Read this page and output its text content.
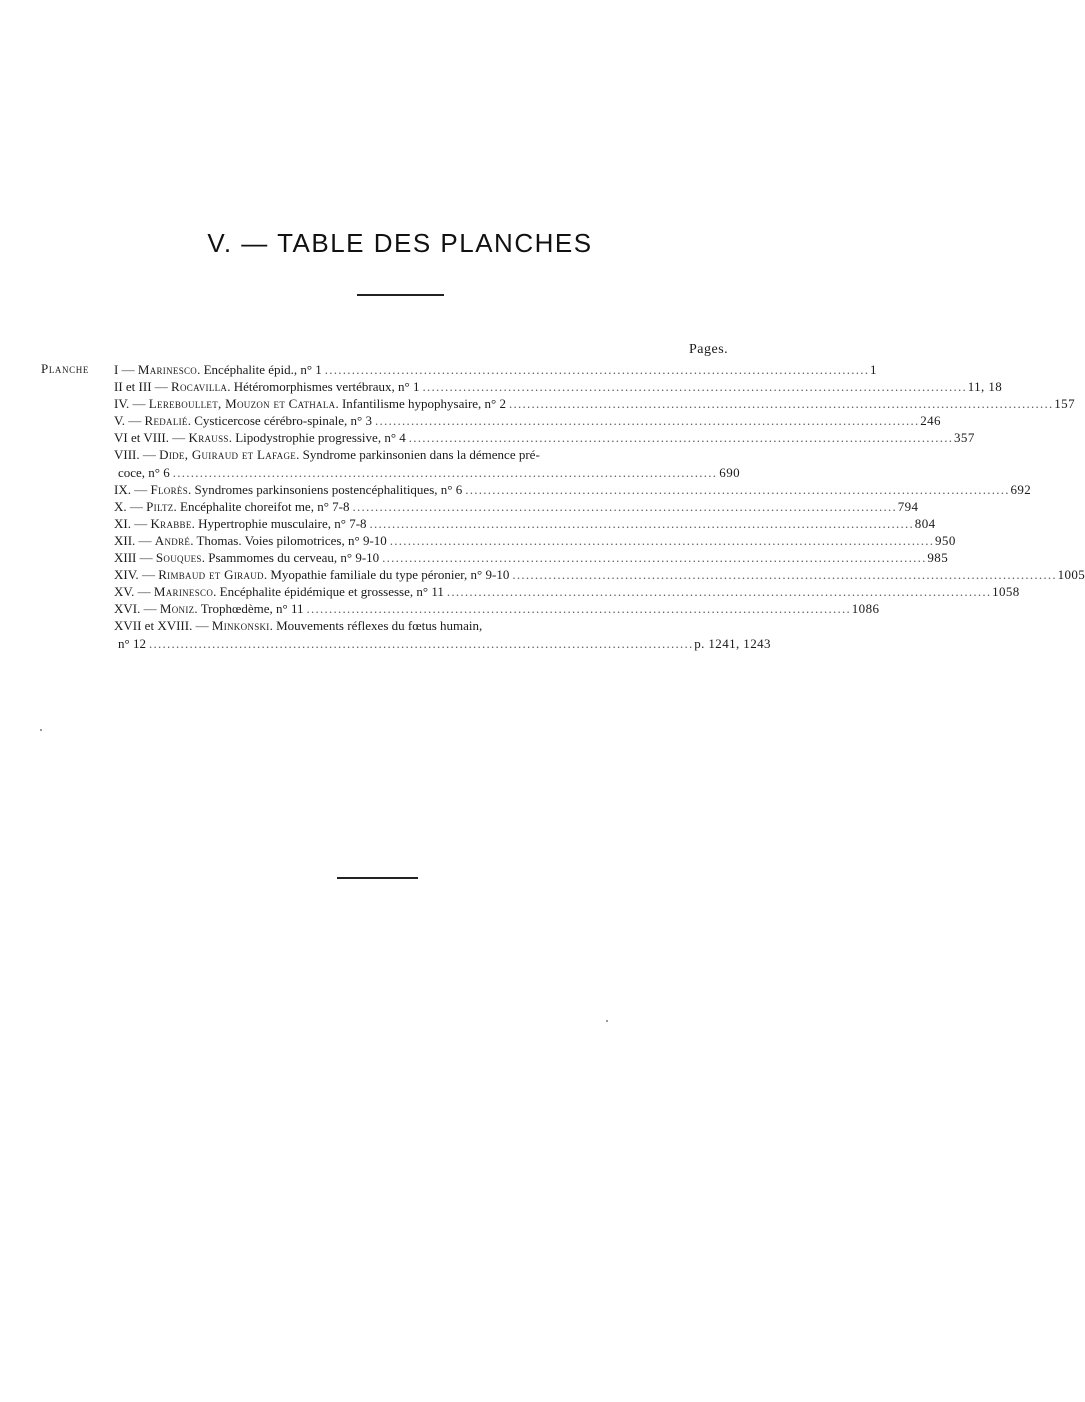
V. — TABLE DES PLANCHES
Pages.
Planche I — Marinesco. Encéphalite épid., n° 1 . . .	1
II et III — Rocavilla. Hétéromorphismes vertébraux, n° 1 . . .	11, 18
IV. — Lereboullet, Mouzon et Cathala. Infantilisme hypophysaire, n° 2 . . .	157
V. — Redalié. Cysticercose cérébro-spinale, n° 3 . . .	246
VI et VIII. — Krauss. Lipodystrophie progressive, n° 4 . . .	357
VIII. — Dide, Guiraud et Lafage. Syndrome parkinsonien dans la démence pré-
coce, n° 6 . . .	690
IX. — Florès. Syndromes parkinsoniens postencéphalitiques, n° 6 . . .	692
X. — Piltz. Encéphalite choreifot me, n° 7-8 . . .	794
XI. — Krabbe. Hypertrophie musculaire, n° 7-8 . . .	804
XII. — André. Thomas. Voies pilomotrices, n° 9-10 . . .	950
XIII — Souques. Psammomes du cerveau, n° 9-10 . . .	985
XIV. — Rimbaud et Giraud. Myopathie familiale du type péronier, n° 9-10 . . .	1005
XV. — Marinesco. Encéphalite épidémique et grossesse, n° 11 . . .	1058
XVI. — Moniz. Trophœdème, n° 11 . . .	1086
XVII et XVIII. — Minkonski. Mouvements réflexes du fœtus humain,
n° 12 . . .	p. 1241, 1243
